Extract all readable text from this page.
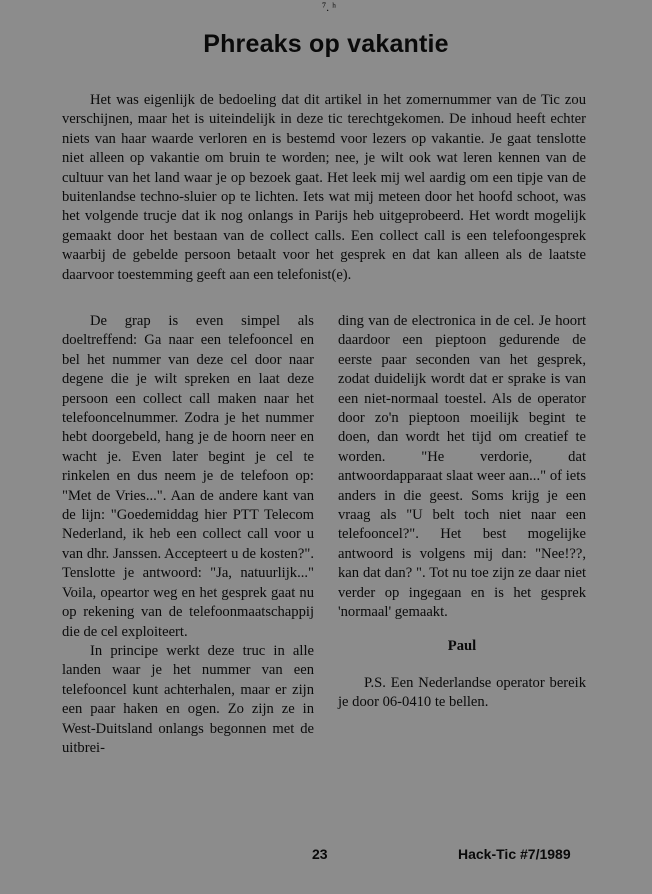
⁷. ʰ
Phreaks op vakantie

Het was eigenlijk de bedoeling dat dit artikel in het zomernummer van de Tic zou verschijnen, maar het is uiteindelijk in deze tic terechtgekomen. De inhoud heeft echter niets van haar waarde verloren en is bestemd voor lezers op vakantie. Je gaat tenslotte niet alleen op vakantie om bruin te worden; nee, je wilt ook wat leren kennen van de cultuur van het land waar je op bezoek gaat. Het leek mij wel aardig om een tipje van de buitenlandse techno-sluier op te lichten. Iets wat mij meteen door het hoofd schoot, was het volgende trucje dat ik nog onlangs in Parijs heb uitgeprobeerd. Het wordt mogelijk gemaakt door het bestaan van de collect calls. Een collect call is een telefoongesprek waarbij de gebelde persoon betaalt voor het gesprek en dat kan alleen als de laatste daarvoor toestemming geeft aan een telefonist(e).

De grap is even simpel als doeltreffend: Ga naar een telefooncel en bel het nummer van deze cel door naar degene die je wilt spreken en laat deze persoon een collect call maken naar het telefooncelnummer. Zodra je het nummer hebt doorgebeld, hang je de hoorn neer en wacht je. Even later begint je cel te rinkelen en dus neem je de telefoon op: "Met de Vries...". Aan de andere kant van de lijn: "Goedemiddag hier PTT Telecom Nederland, ik heb een collect call voor u van dhr. Janssen. Accepteert u de kosten?". Tenslotte je antwoord: "Ja, natuurlijk..." Voila, opeartor weg en het gesprek gaat nu op rekening van de telefoonmaatschappij die de cel exploiteert.

In principe werkt deze truc in alle landen waar je het nummer van een telefooncel kunt achterhalen, maar er zijn een paar haken en ogen. Zo zijn ze in West-Duitsland onlangs begonnen met de uitbrei-

ding van de electronica in de cel. Je hoort daardoor een pieptoon gedurende de eerste paar seconden van het gesprek, zodat duidelijk wordt dat er sprake is van een niet-normaal toestel. Als de operator door zo'n pieptoon moeilijk begint te doen, dan wordt het tijd om creatief te worden. "He verdorie, dat antwoordapparaat slaat weer aan..." of iets anders in die geest. Soms krijg je een vraag als "U belt toch niet naar een telefooncel?". Het best mogelijke antwoord is volgens mij dan: "Nee!??, kan dat dan? ". Tot nu toe zijn ze daar niet verder op ingegaan en is het gesprek 'normaal' gemaakt.

Paul

P.S. Een Nederlandse operator bereik je door 06-0410 te bellen.

23	Hack-Tic #7/1989
